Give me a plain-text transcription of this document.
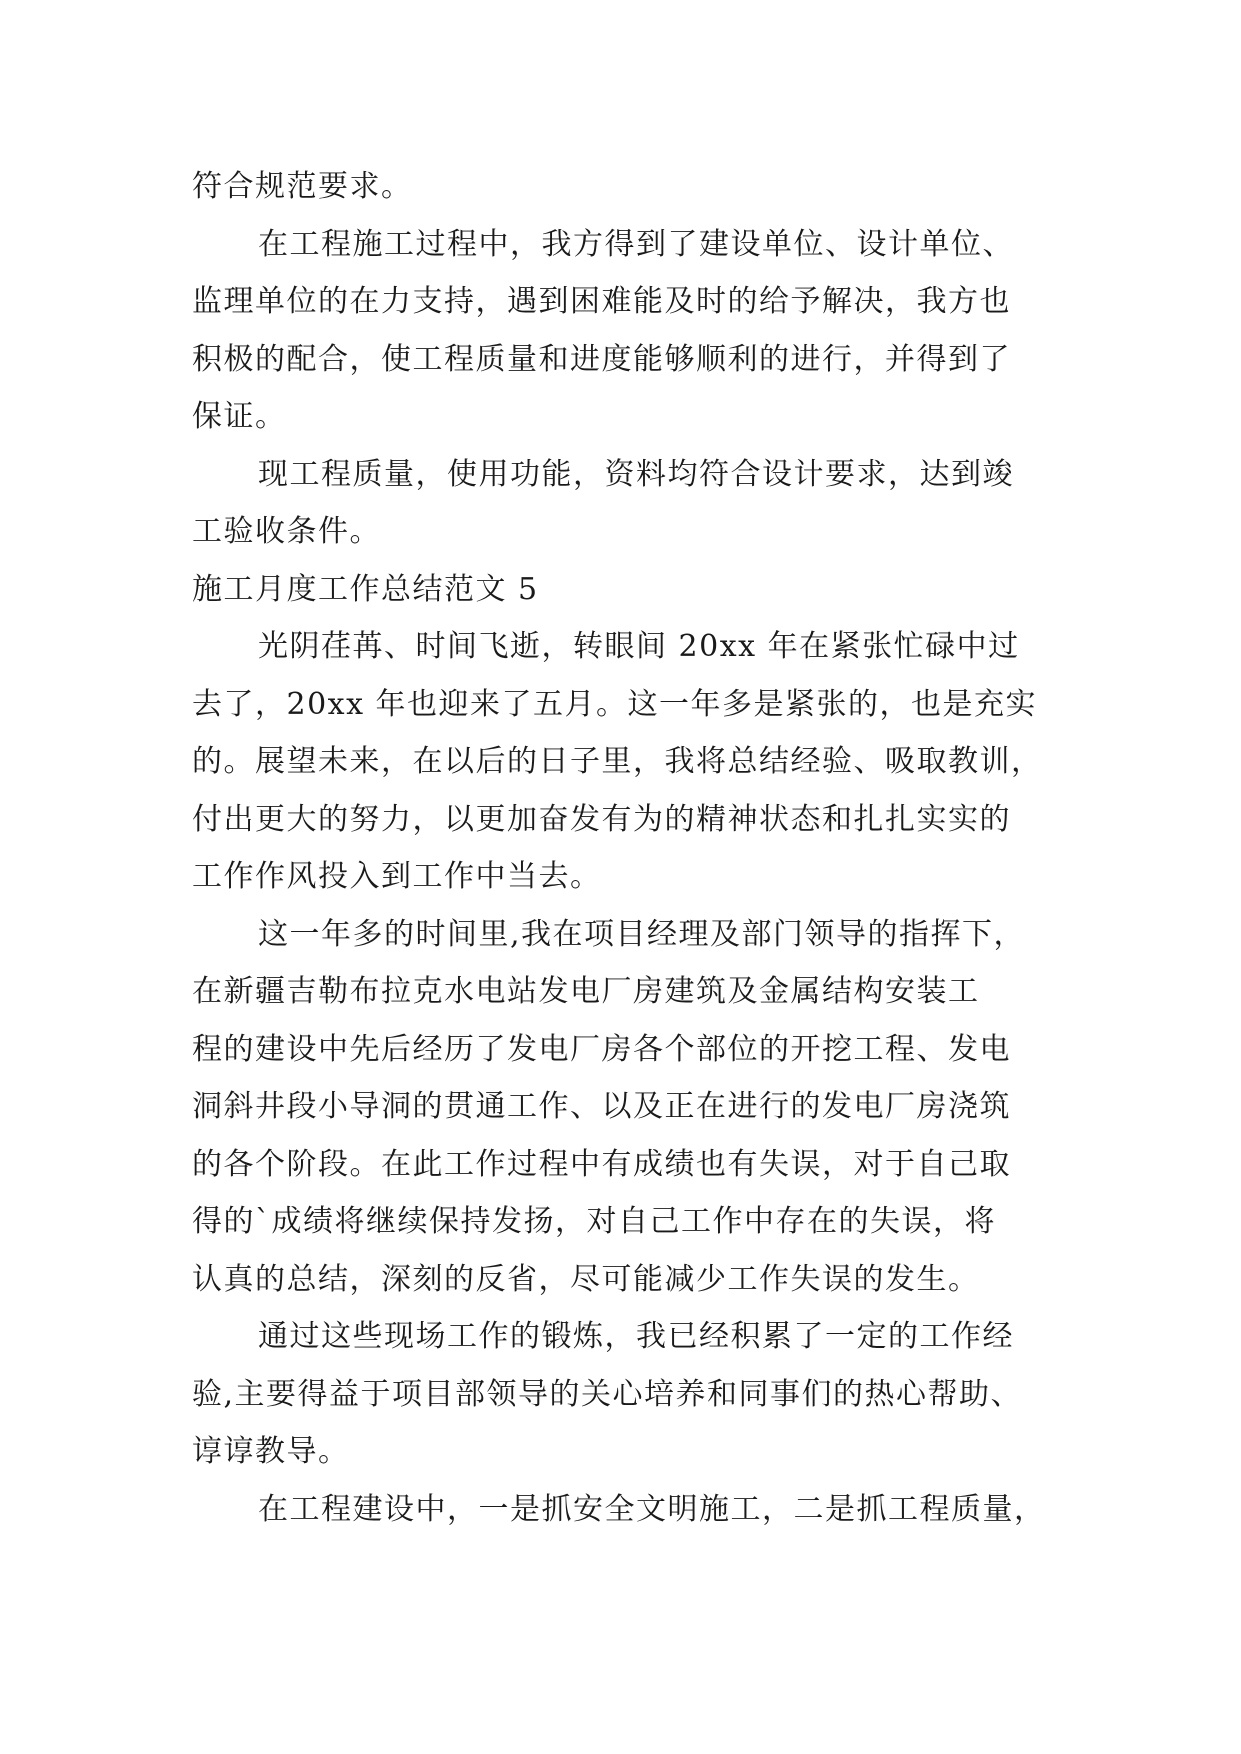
符合规范要求。
在工程施工过程中，我方得到了建设单位、设计单位、
监理单位的在力支持，遇到困难能及时的给予解决，我方也
积极的配合，使工程质量和进度能够顺利的进行，并得到了
保证。
现工程质量，使用功能，资料均符合设计要求，达到竣
工验收条件。
施工月度工作总结范文 5
光阴荏苒、时间飞逝，转眼间 20xx 年在紧张忙碌中过
去了，20xx 年也迎来了五月。这一年多是紧张的，也是充实
的。展望未来，在以后的日子里，我将总结经验、吸取教训，
付出更大的努力，以更加奋发有为的精神状态和扎扎实实的
工作作风投入到工作中当去。
这一年多的时间里,我在项目经理及部门领导的指挥下，
在新疆吉勒布拉克水电站发电厂房建筑及金属结构安装工
程的建设中先后经历了发电厂房各个部位的开挖工程、发电
洞斜井段小导洞的贯通工作、以及正在进行的发电厂房浇筑
的各个阶段。在此工作过程中有成绩也有失误，对于自己取
得的`成绩将继续保持发扬，对自己工作中存在的失误，将
认真的总结，深刻的反省，尽可能减少工作失误的发生。
通过这些现场工作的锻炼，我已经积累了一定的工作经
验,主要得益于项目部领导的关心培养和同事们的热心帮助、
谆谆教导。
在工程建设中，一是抓安全文明施工，二是抓工程质量，
